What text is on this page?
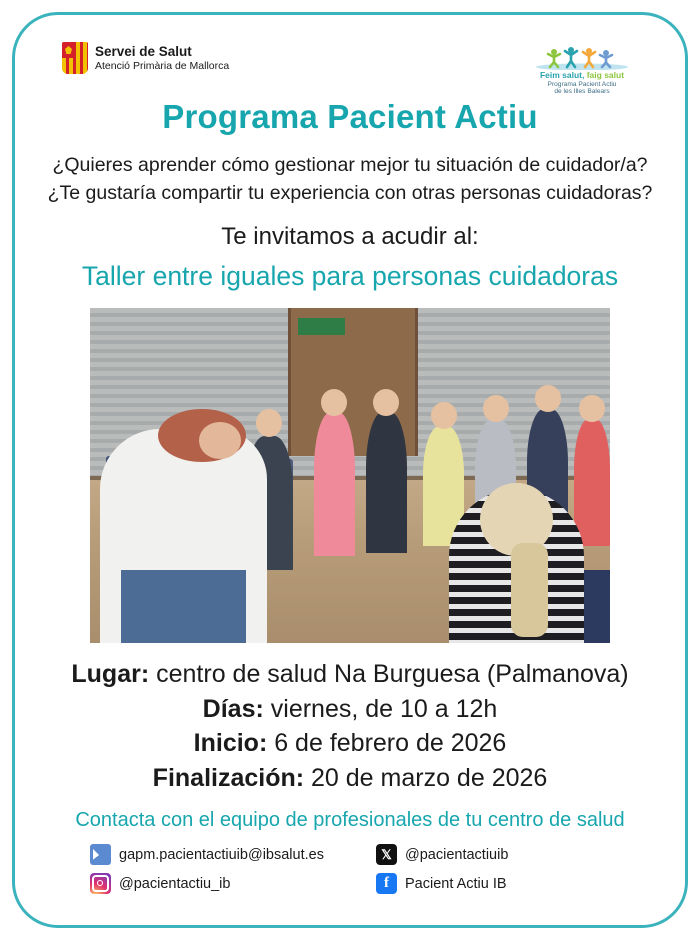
Servei de Salut
Atenció Primària de Mallorca
Feim salut, faig salut
Programa Pacient Actiu
de les Illes Balears
Programa Pacient Actiu
¿Quieres aprender cómo gestionar mejor tu situación de cuidador/a?
¿Te gustaría compartir tu experiencia con otras personas cuidadoras?
Te invitamos a acudir al:
Taller entre iguales para personas cuidadoras
Lugar: centro de salud Na Burguesa (Palmanova)
Días: viernes, de 10 a 12h
Inicio: 6 de febrero de 2026
Finalización: 20 de marzo de 2026
Contacta con el equipo de profesionales de tu centro de salud
gapm.pacientactiuib@ibsalut.es	𝕏 @pacientactiuib
@pacientactiu_ib	f	Pacient Actiu IB
